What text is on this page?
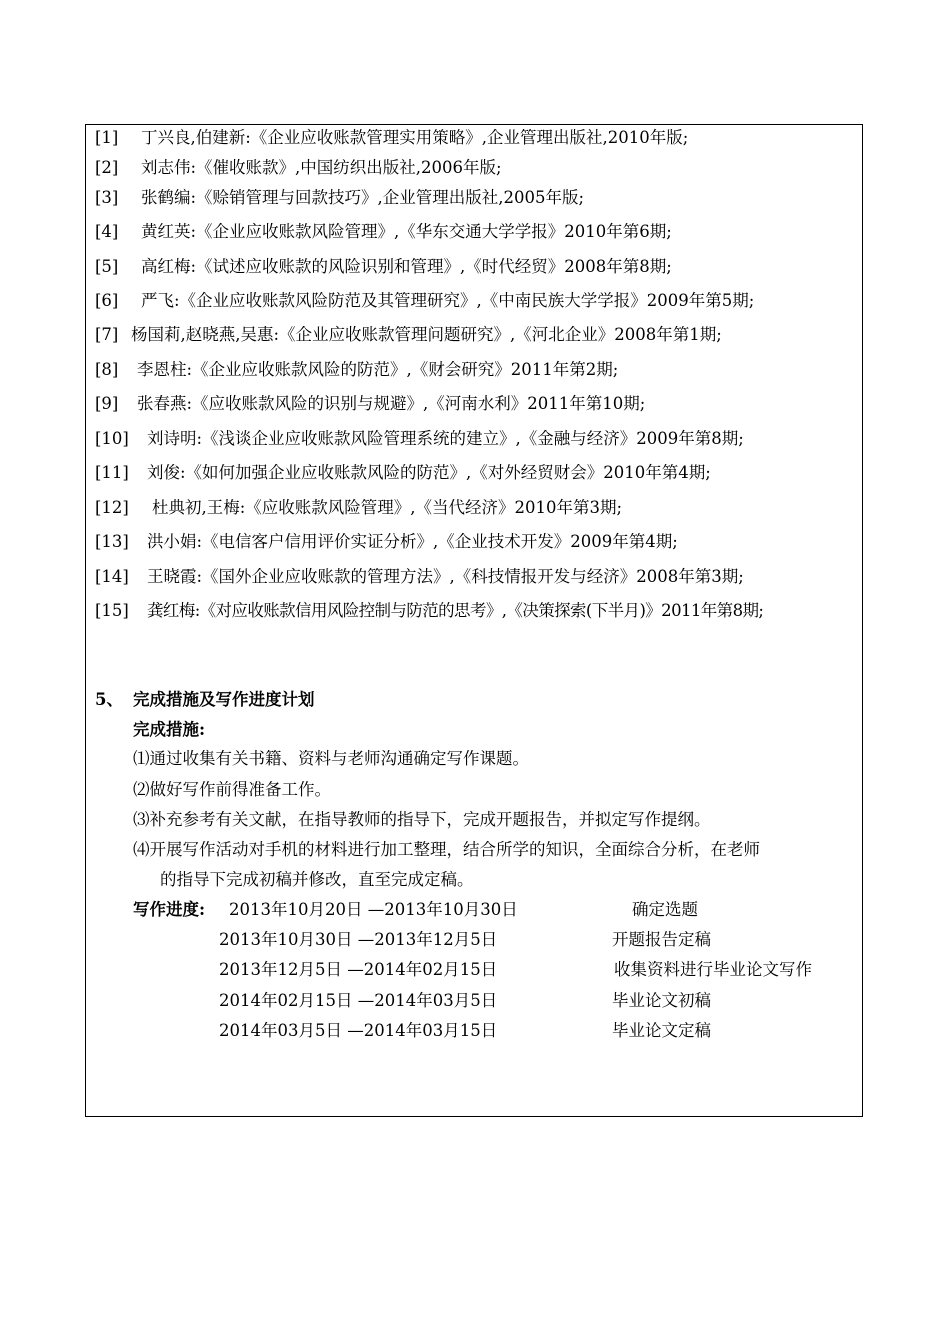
[1] 丁兴良,伯建新:《企业应收账款管理实用策略》,企业管理出版社,2010年版;
[2] 刘志伟:《催收账款》,中国纺织出版社,2006年版;
[3] 张鹤编:《赊销管理与回款技巧》,企业管理出版社,2005年版;
[4] 黄红英:《企业应收账款风险管理》,《华东交通大学学报》2010年第6期;
[5] 高红梅:《试述应收账款的风险识别和管理》,《时代经贸》2008年第8期;
[6] 严飞:《企业应收账款风险防范及其管理研究》,《中南民族大学学报》2009年第5期;
[7] 杨国莉,赵晓燕,吴惠:《企业应收账款管理问题研究》,《河北企业》2008年第1期;
[8] 李恩柱:《企业应收账款风险的防范》,《财会研究》2011年第2期;
[9] 张春燕:《应收账款风险的识别与规避》,《河南水利》2011年第10期;
[10] 刘诗明:《浅谈企业应收账款风险管理系统的建立》,《金融与经济》2009年第8期;
[11] 刘俊:《如何加强企业应收账款风险的防范》,《对外经贸财会》2010年第4期;
[12] 杜典初,王梅:《应收账款风险管理》,《当代经济》2010年第3期;
[13] 洪小娟:《电信客户信用评价实证分析》,《企业技术开发》2009年第4期;
[14] 王晓霞:《国外企业应收账款的管理方法》,《科技情报开发与经济》2008年第3期;
[15] 龚红梅:《对应收账款信用风险控制与防范的思考》,《决策探索(下半月)》2011年第8期;
5、 完成措施及写作进度计划
完成措施:
⑴通过收集有关书籍、资料与老师沟通确定写作课题。
⑵做好写作前得准备工作。
⑶补充参考有关文献，在指导教师的指导下，完成开题报告，并拟定写作提纲。
⑷开展写作活动对手机的材料进行加工整理，结合所学的知识，全面综合分析，在老师
的指导下完成初稿并修改，直至完成定稿。
写作进度: 2013年10月20日 —2013年10月30日	确定选题
2013年10月30日 —2013年12月5日	开题报告定稿
2013年12月5日 —2014年02月15日	收集资料进行毕业论文写作
2014年02月15日 —2014年03月5日	毕业论文初稿
2014年03月5日 —2014年03月15日	毕业论文定稿
